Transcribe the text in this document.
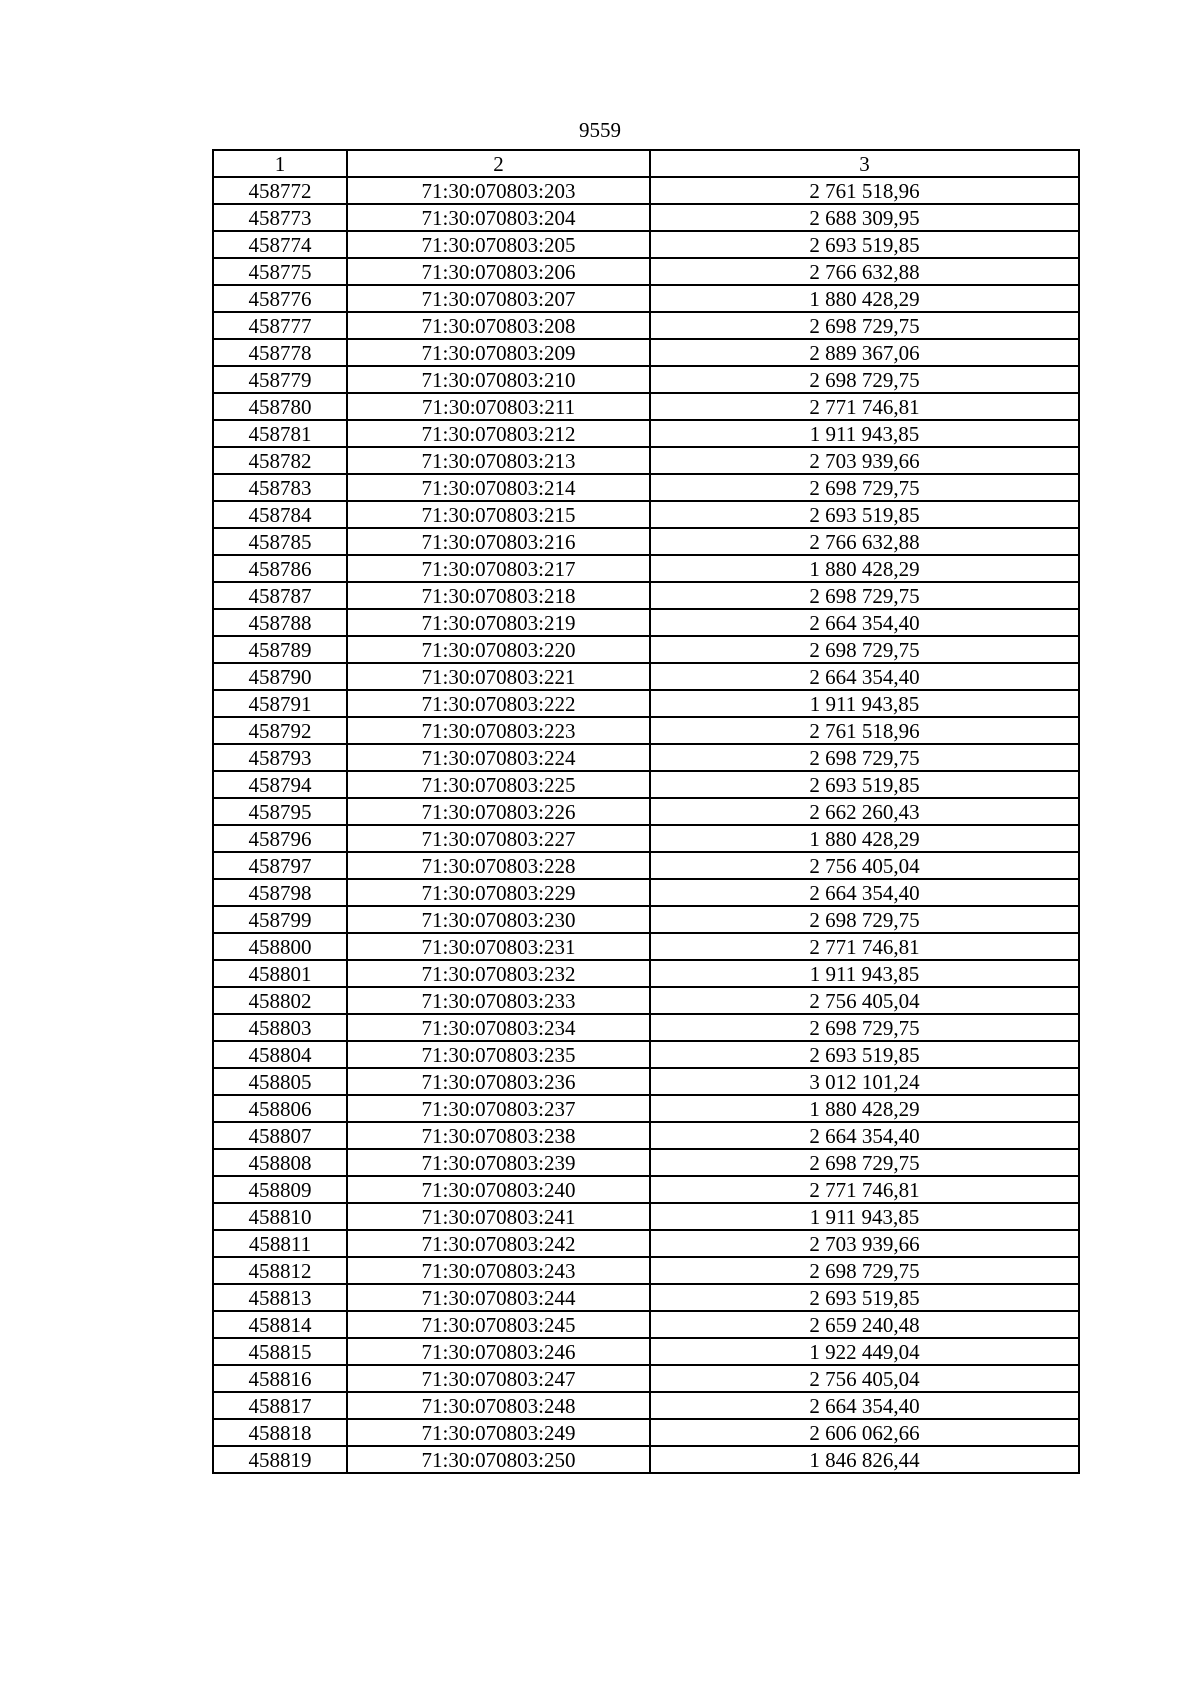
9559
1	2	3
458772	71:30:070803:203	2 761 518,96
458773	71:30:070803:204	2 688 309,95
458774	71:30:070803:205	2 693 519,85
458775	71:30:070803:206	2 766 632,88
458776	71:30:070803:207	1 880 428,29
458777	71:30:070803:208	2 698 729,75
458778	71:30:070803:209	2 889 367,06
458779	71:30:070803:210	2 698 729,75
458780	71:30:070803:211	2 771 746,81
458781	71:30:070803:212	1 911 943,85
458782	71:30:070803:213	2 703 939,66
458783	71:30:070803:214	2 698 729,75
458784	71:30:070803:215	2 693 519,85
458785	71:30:070803:216	2 766 632,88
458786	71:30:070803:217	1 880 428,29
458787	71:30:070803:218	2 698 729,75
458788	71:30:070803:219	2 664 354,40
458789	71:30:070803:220	2 698 729,75
458790	71:30:070803:221	2 664 354,40
458791	71:30:070803:222	1 911 943,85
458792	71:30:070803:223	2 761 518,96
458793	71:30:070803:224	2 698 729,75
458794	71:30:070803:225	2 693 519,85
458795	71:30:070803:226	2 662 260,43
458796	71:30:070803:227	1 880 428,29
458797	71:30:070803:228	2 756 405,04
458798	71:30:070803:229	2 664 354,40
458799	71:30:070803:230	2 698 729,75
458800	71:30:070803:231	2 771 746,81
458801	71:30:070803:232	1 911 943,85
458802	71:30:070803:233	2 756 405,04
458803	71:30:070803:234	2 698 729,75
458804	71:30:070803:235	2 693 519,85
458805	71:30:070803:236	3 012 101,24
458806	71:30:070803:237	1 880 428,29
458807	71:30:070803:238	2 664 354,40
458808	71:30:070803:239	2 698 729,75
458809	71:30:070803:240	2 771 746,81
458810	71:30:070803:241	1 911 943,85
458811	71:30:070803:242	2 703 939,66
458812	71:30:070803:243	2 698 729,75
458813	71:30:070803:244	2 693 519,85
458814	71:30:070803:245	2 659 240,48
458815	71:30:070803:246	1 922 449,04
458816	71:30:070803:247	2 756 405,04
458817	71:30:070803:248	2 664 354,40
458818	71:30:070803:249	2 606 062,66
458819	71:30:070803:250	1 846 826,44
